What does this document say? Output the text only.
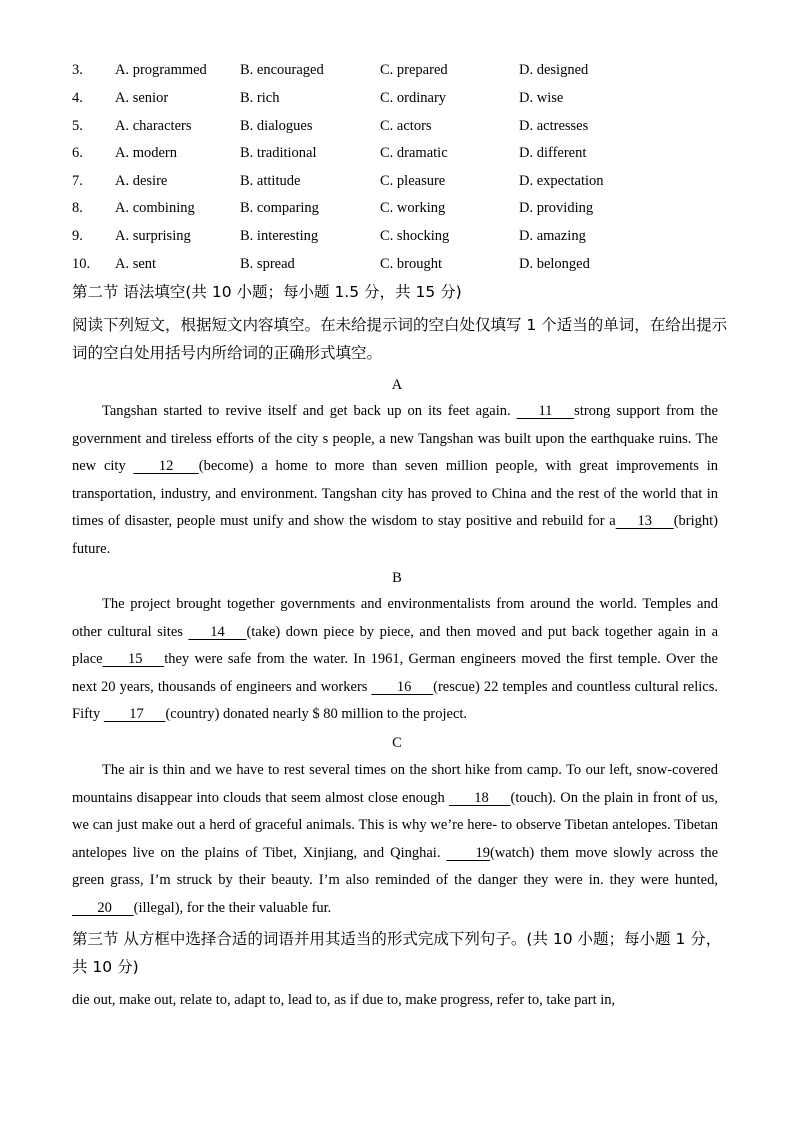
3. A. programmed B. encouraged	C. prepared	D. designed
4. A. senior	B. rich	C. ordinary	D. wise
5. A. characters	B. dialogues	C. actors	D. actresses
6. A. modern	B. traditional	C. dramatic	D. different
7. A. desire	B. attitude	C. pleasure	D. expectation
8. A. combining	B. comparing	C. working	D. providing
9. A. surprising	B. interesting	C. shocking	D. amazing
10. A. sent	B. spread	C. brought	D. belonged
第二节 语法填空(共 10 小题；每小题 1.5 分，共 15 分)
阅读下列短文，根据短文内容填空。在未给提示词的空白处仅填写 1 个适当的单词，在给出提示词的空白处用括号内所给词的正确形式填空。
A
Tangshan started to revive itself and get back up on its feet again.       11      strong support from the government and tireless efforts of the city s people, a new Tangshan was built upon the earthquake ruins. The new city        12       (become) a home to more than seven million people, with great improvements in transportation, industry, and environment. Tangshan city has proved to China and the rest of the world that in times of disaster, people must unify and show the wisdom to stay positive and rebuild for a      13      (bright) future.
B
The project brought together governments and environmentalists from around the world. Temples and other cultural sites       14      (take) down piece by piece, and then moved and put back together again in a place       15      they were safe from the water. In 1961, German engineers moved the first temple. Over the next 20 years, thousands of engineers and workers        16      (rescue) 22 temples and countless cultural relics. Fifty        17      (country) donated nearly $ 80 million to the project.
C
The air is thin and we have to rest several times on the short hike from camp. To our left, snow-covered mountains disappear into clouds that seem almost close enough        18      (touch). On the plain in front of us, we can just make out a herd of graceful animals. This is why we’re here- to observe Tibetan antelopes. Tibetan antelopes live on the plains of Tibet, Xinjiang, and Qinghai.         19(watch) them move slowly across the green grass, I’m struck by their beauty. I’m also reminded of the danger they were in. they were hunted,        20      (illegal), for the their valuable fur.
第三节 从方框中选择合适的词语并用其适当的形式完成下列句子。(共 10 小题；每小题 1 分，共 10 分)
die out, make out, relate to, adapt to, lead to, as if due to, make progress, refer to, take part in,
